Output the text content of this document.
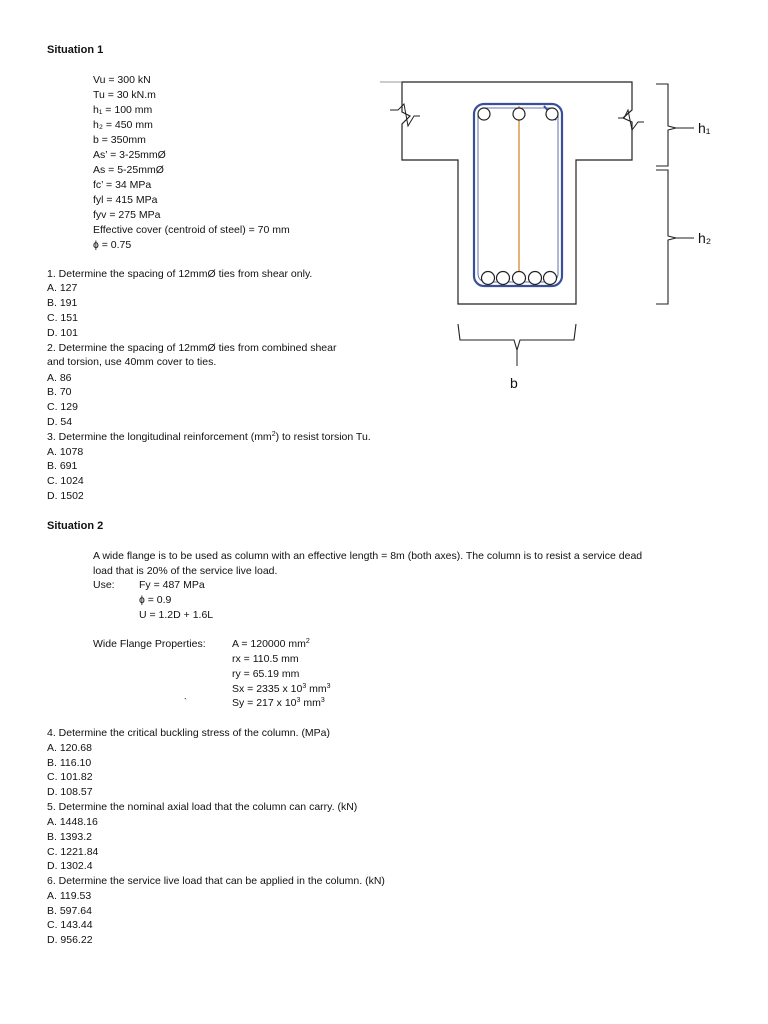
Situation 1
Vu = 300 kN
Tu = 30 kN.m
h₁ = 100 mm
h₂ = 450 mm
b = 350mm
As’ = 3-25mmØ
As = 5-25mmØ
fc’ = 34 MPa
fyl = 415 MPa
fyv = 275 MPa
Effective cover (centroid of steel) = 70 mm
ɸ = 0.75
1. Determine the spacing of 12mmØ ties from shear only.
A. 127
B. 191
C. 151
D. 101
2. Determine the spacing of 12mmØ ties from combined shear
and torsion, use 40mm cover to ties.
A. 86
B. 70
C. 129
D. 54
3. Determine the longitudinal reinforcement $(mm^2)$ to resist torsion Tu.
A. 1078
B. 691
C. 1024
D. 1502
h₁
h₂
b
Situation 2
A wide flange is to be used as column with an effective length = 8m (both axes). The column is to resist a service dead
load that is 20% of the service live load.
Use: Fy = 487 MPa
ɸ = 0.9
U = 1.2D + 1.6L
Wide Flange Properties:	A = 120000 $mm^2$
rx = 110.5 mm
ry = 65.19 mm
Sx = 2335 x $10^3$ $mm^3$
`	Sy = 217 x $10^3$ $mm^3$
4. Determine the critical buckling stress of the column. (MPa)
A. 120.68
B. 116.10
C. 101.82
D. 108.57
5. Determine the nominal axial load that the column can carry. (kN)
A. 1448.16
B. 1393.2
C. 1221.84
D. 1302.4
6. Determine the service live load that can be applied in the column. (kN)
A. 119.53
B. 597.64
C. 143.44
D. 956.22
